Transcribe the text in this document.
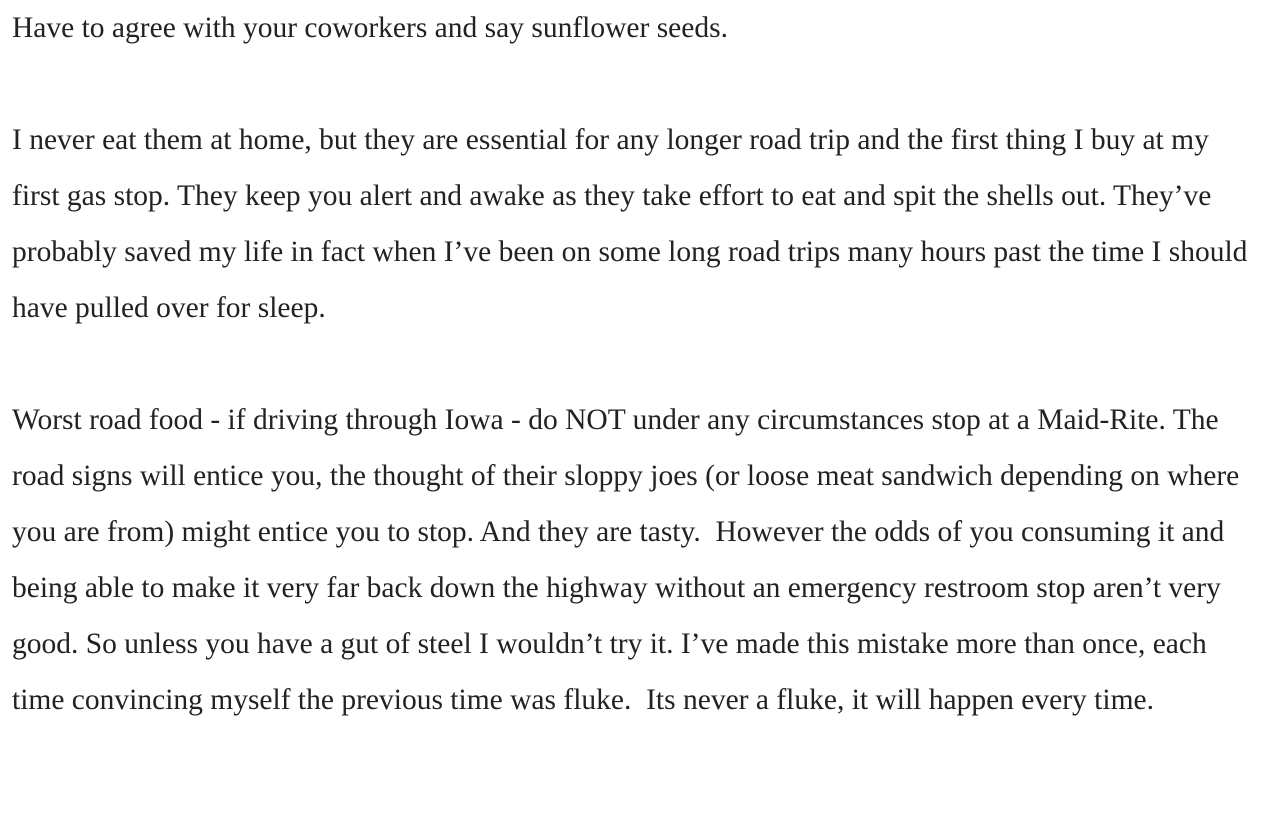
Have to agree with your coworkers and say sunflower seeds.

I never eat them at home, but they are essential for any longer road trip and the first thing I buy at my first gas stop. They keep you alert and awake as they take effort to eat and spit the shells out. They’ve probably saved my life in fact when I’ve been on some long road trips many hours past the time I should have pulled over for sleep.

Worst road food - if driving through Iowa - do NOT under any circumstances stop at a Maid-Rite. The road signs will entice you, the thought of their sloppy joes (or loose meat sandwich depending on where you are from) might entice you to stop. And they are tasty.  However the odds of you consuming it and being able to make it very far back down the highway without an emergency restroom stop aren’t very good. So unless you have a gut of steel I wouldn’t try it. I’ve made this mistake more than once, each time convincing myself the previous time was fluke.  Its never a fluke, it will happen every time.
